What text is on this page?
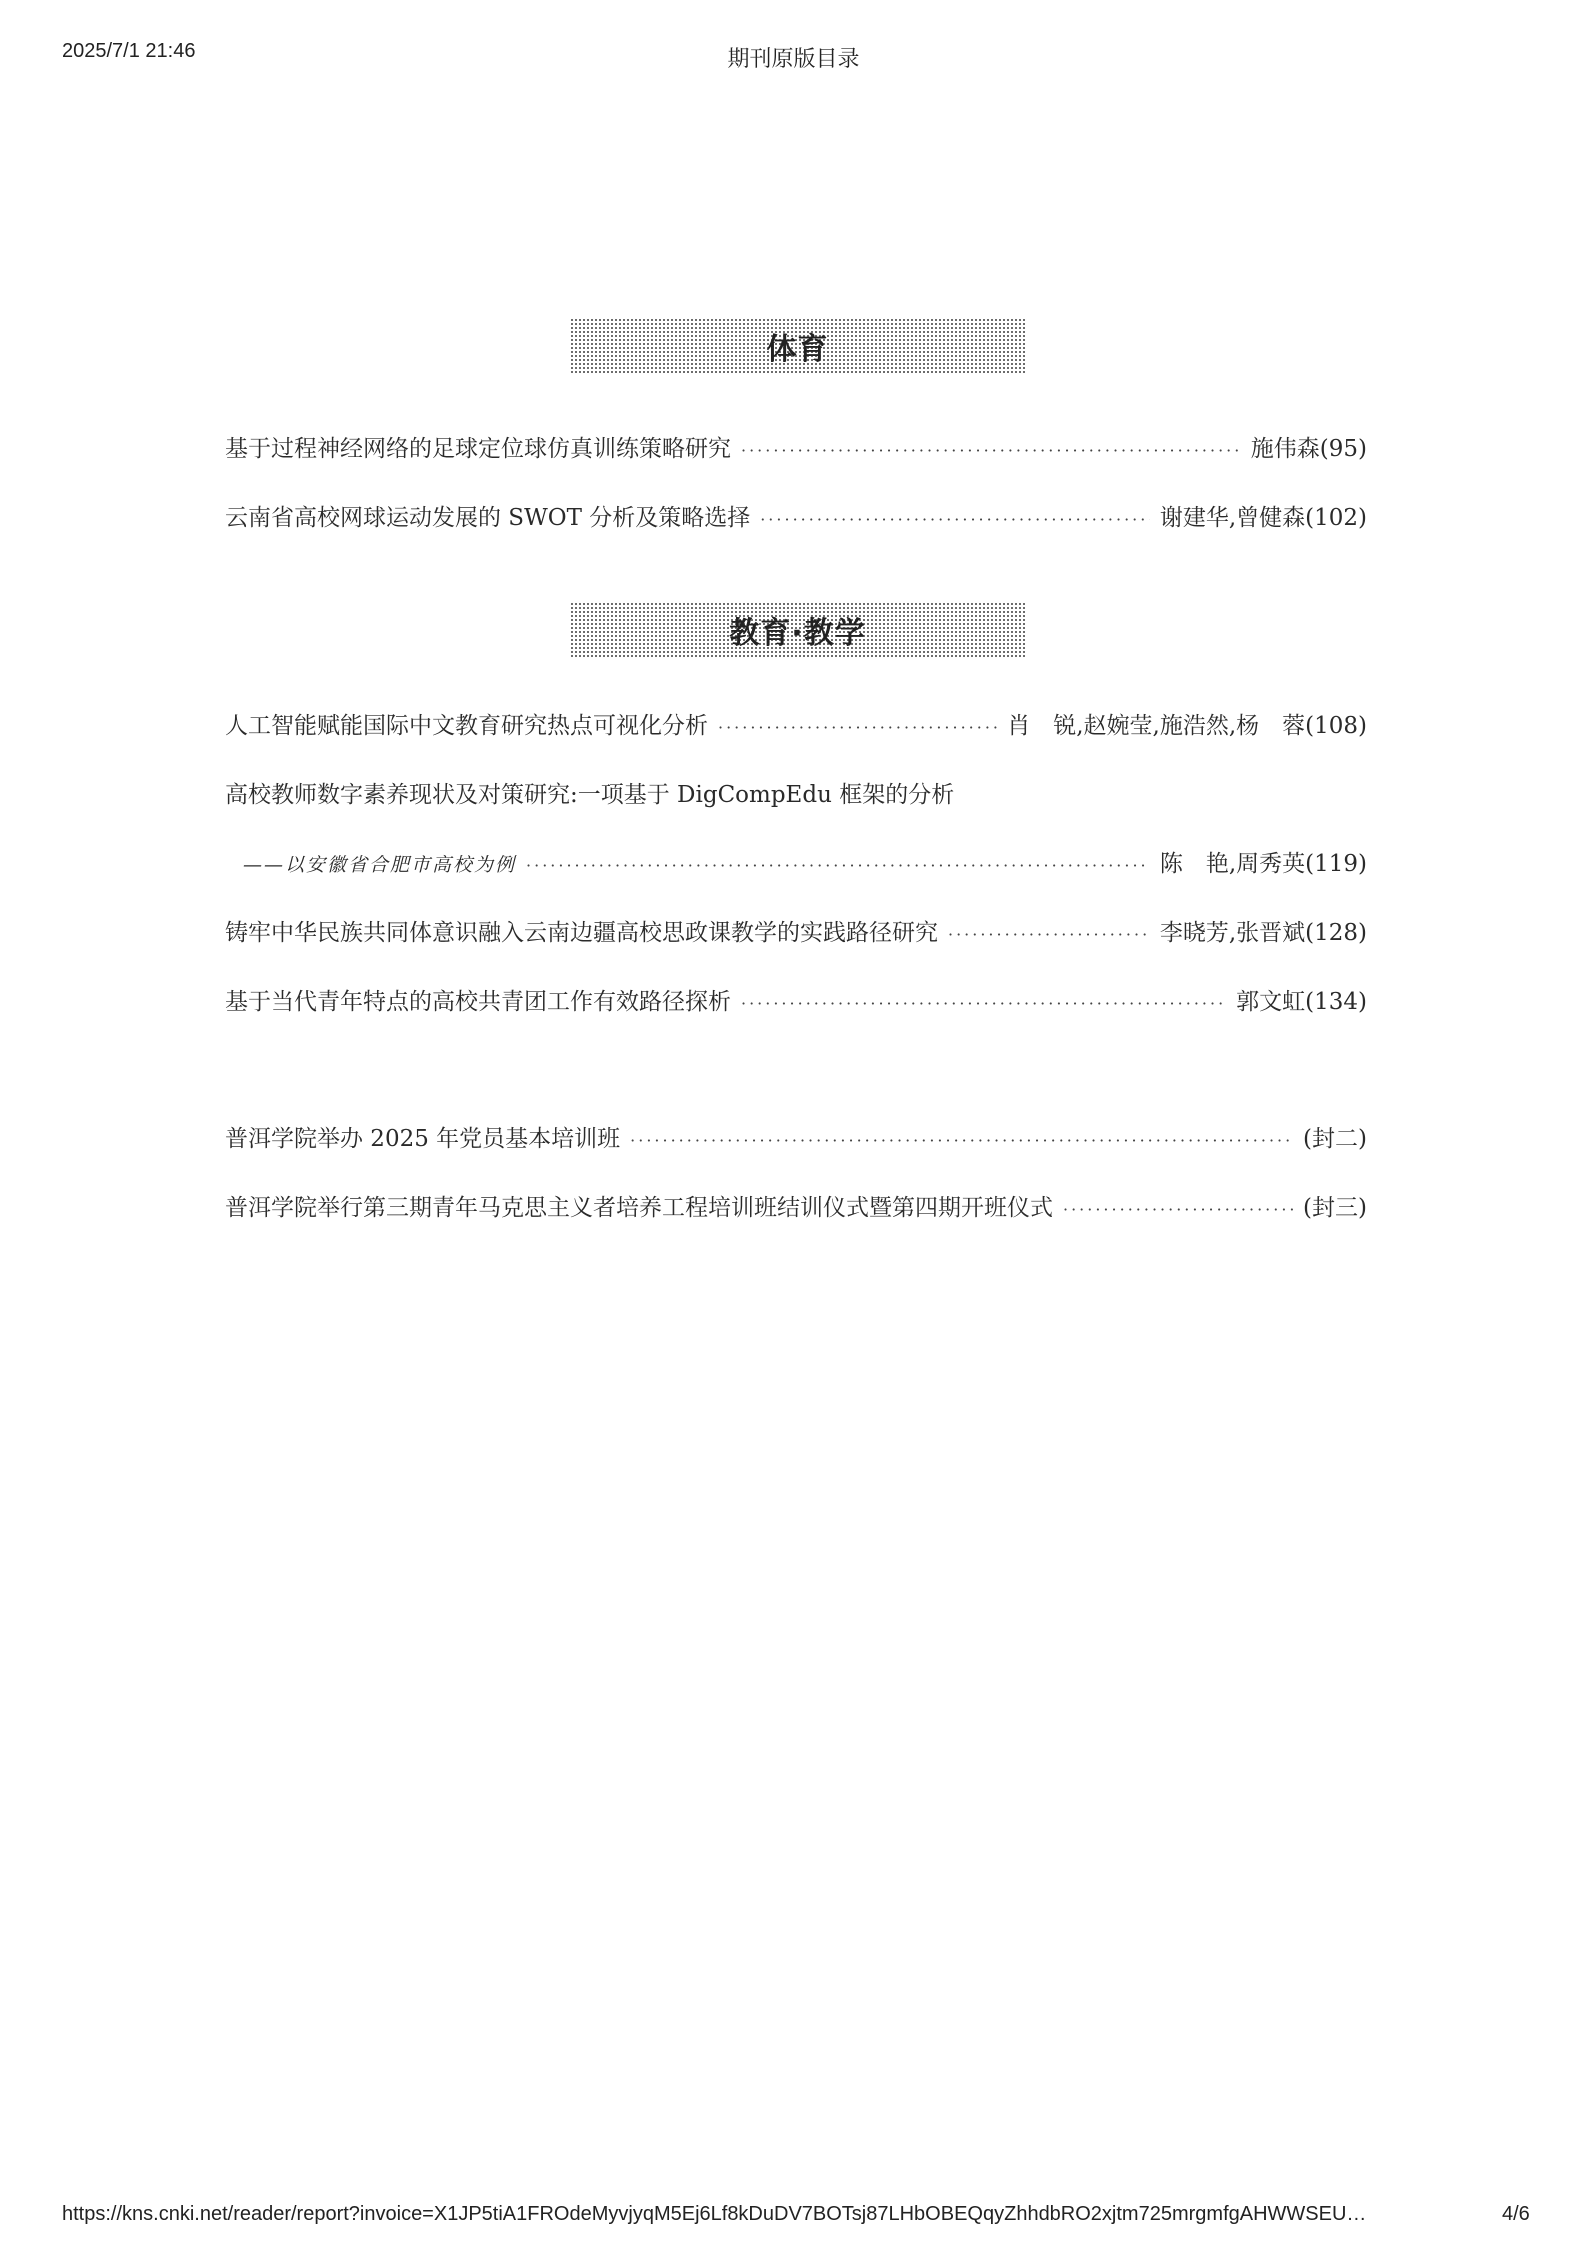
2025/7/1 21:46	期刊原版目录
体育
基于过程神经网络的足球定位球仿真训练策略研究 ·····	施伟森(95)
云南省高校网球运动发展的 SWOT 分析及策略选择 ·····	谢建华,曾健森(102)
教育·教学
人工智能赋能国际中文教育研究热点可视化分析 ·····	肖　锐,赵婉莹,施浩然,杨　蓉(108)
高校教师数字素养现状及对策研究:一项基于 DigCompEdu 框架的分析
——以安徽省合肥市高校为例 ·····	陈　艳,周秀英(119)
铸牢中华民族共同体意识融入云南边疆高校思政课教学的实践路径研究 ·····	李晓芳,张晋斌(128)
基于当代青年特点的高校共青团工作有效路径探析 ·····	郭文虹(134)
普洱学院举办 2025 年党员基本培训班 ·····	(封二)
普洱学院举行第三期青年马克思主义者培养工程培训班结训仪式暨第四期开班仪式 ·····	(封三)
https://kns.cnki.net/reader/report?invoice=X1JP5tiA1FROdeMyvjyqM5Ej6Lf8kDuDV7BOTsj87LHbOBEQqyZhhdbRO2xjtm725mrgmfgAHWWSEU…	4/6
